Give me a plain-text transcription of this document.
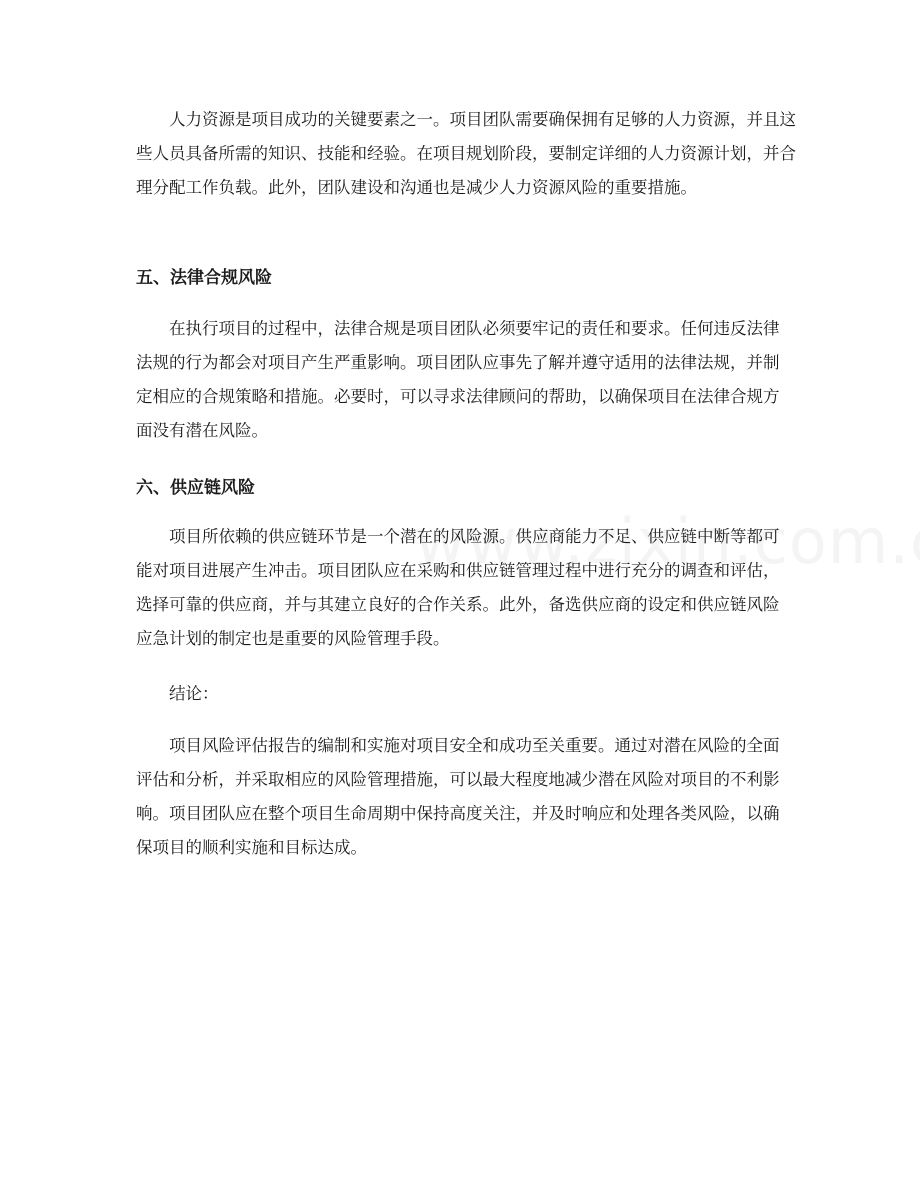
人力资源是项目成功的关键要素之一。项目团队需要确保拥有足够的人力资源，并且这些人员具备所需的知识、技能和经验。在项目规划阶段，要制定详细的人力资源计划，并合理分配工作负载。此外，团队建设和沟通也是减少人力资源风险的重要措施。

五、法律合规风险

在执行项目的过程中，法律合规是项目团队必须要牢记的责任和要求。任何违反法律法规的行为都会对项目产生严重影响。项目团队应事先了解并遵守适用的法律法规，并制定相应的合规策略和措施。必要时，可以寻求法律顾问的帮助，以确保项目在法律合规方面没有潜在风险。

六、供应链风险

项目所依赖的供应链环节是一个潜在的风险源。供应商能力不足、供应链中断等都可能对项目进展产生冲击。项目团队应在采购和供应链管理过程中进行充分的调查和评估，选择可靠的供应商，并与其建立良好的合作关系。此外，备选供应商的设定和供应链风险应急计划的制定也是重要的风险管理手段。

结论：

项目风险评估报告的编制和实施对项目安全和成功至关重要。通过对潜在风险的全面评估和分析，并采取相应的风险管理措施，可以最大程度地减少潜在风险对项目的不利影响。项目团队应在整个项目生命周期中保持高度关注，并及时响应和处理各类风险，以确保项目的顺利实施和目标达成。
